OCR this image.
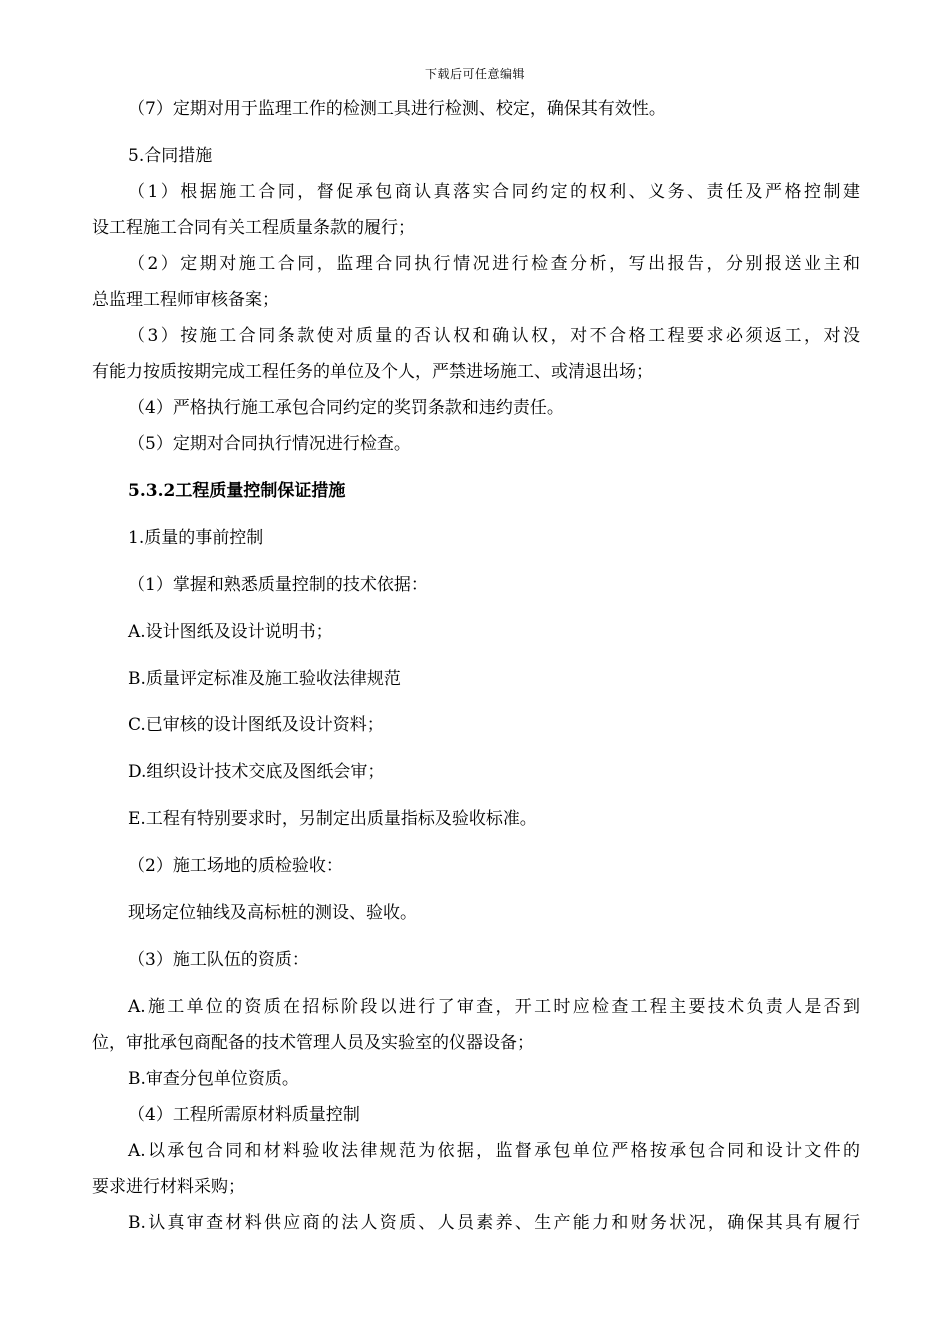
下载后可任意编辑
（7）定期对用于监理工作的检测工具进行检测、校定，确保其有效性。
5.合同措施
（1）根据施工合同，督促承包商认真落实合同约定的权利、义务、责任及严格控制建
设工程施工合同有关工程质量条款的履行；
（2）定期对施工合同，监理合同执行情况进行检查分析，写出报告，分别报送业主和
总监理工程师审核备案；
（3）按施工合同条款使对质量的否认权和确认权，对不合格工程要求必须返工，对没
有能力按质按期完成工程任务的单位及个人，严禁进场施工、或清退出场；
（4）严格执行施工承包合同约定的奖罚条款和违约责任。
（5）定期对合同执行情况进行检查。
5.3.2工程质量控制保证措施
1.质量的事前控制
（1）掌握和熟悉质量控制的技术依据：
A.设计图纸及设计说明书；
B.质量评定标准及施工验收法律规范
C.已审核的设计图纸及设计资料；
D.组织设计技术交底及图纸会审；
E.工程有特别要求时，另制定出质量指标及验收标准。
（2）施工场地的质检验收：
现场定位轴线及高标桩的测设、验收。
（3）施工队伍的资质：
A.施工单位的资质在招标阶段以进行了审查，开工时应检查工程主要技术负责人是否到
位，审批承包商配备的技术管理人员及实验室的仪器设备；
B.审查分包单位资质。
（4）工程所需原材料质量控制
A.以承包合同和材料验收法律规范为依据，监督承包单位严格按承包合同和设计文件的
要求进行材料采购；
B.认真审查材料供应商的法人资质、人员素养、生产能力和财务状况，确保其具有履行
